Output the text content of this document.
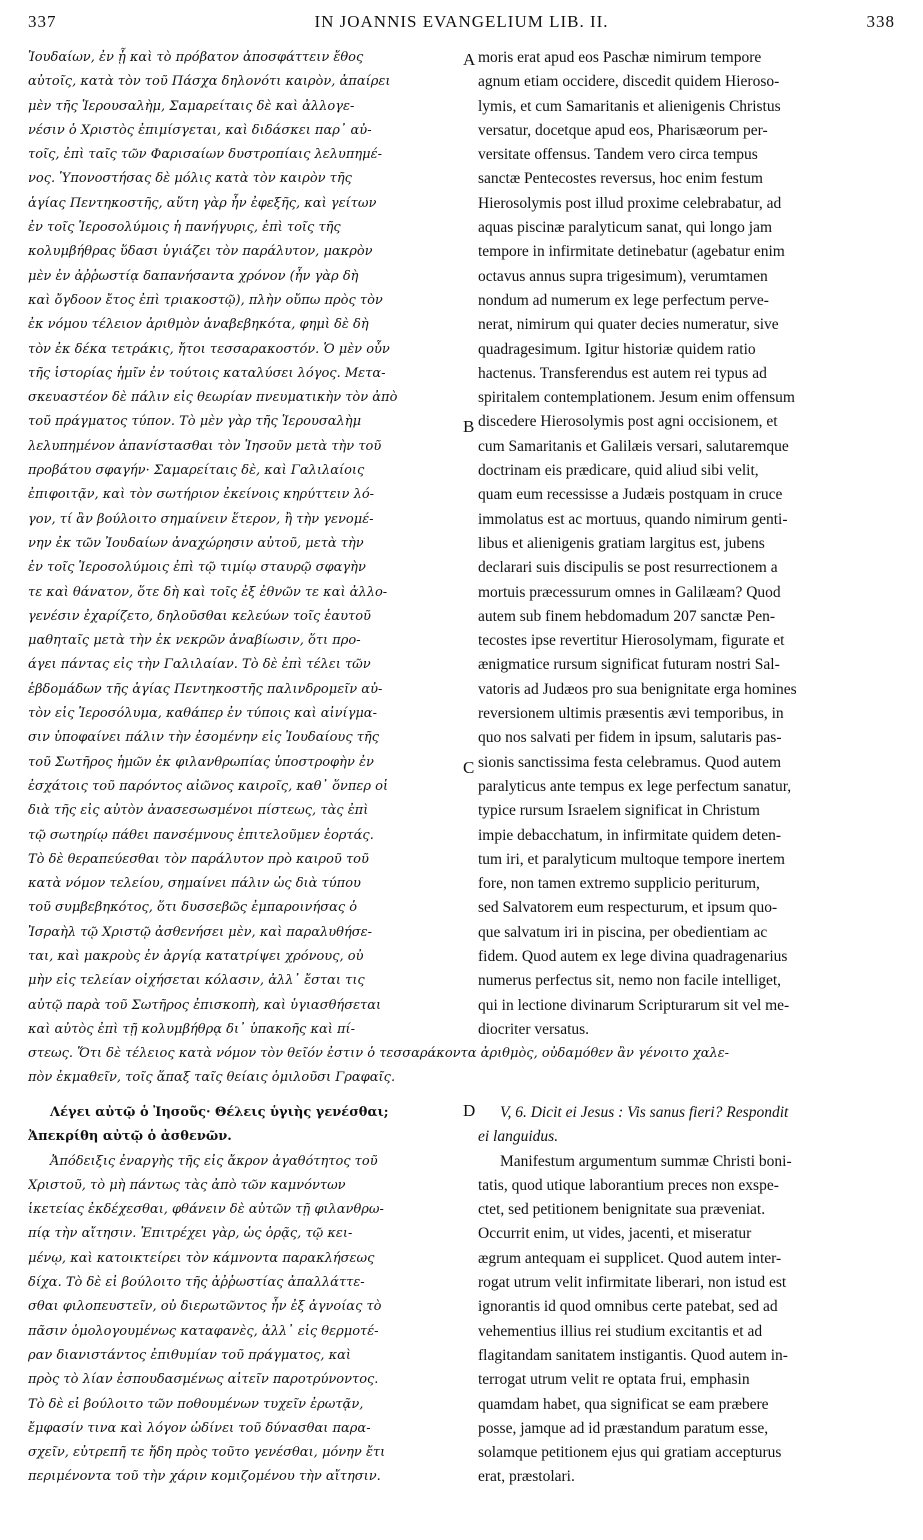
337	IN JOANNIS EVANGELIUM LIB. II.	338
Ἰουδαίων, ἐν ᾗ καὶ τὸ πρόβατον ἀποσφάττειν ἔθος
αὐτοῖς, κατὰ τὸν τοῦ Πάσχα δηλονότι καιρὸν, ἀπαίρει
μὲν τῆς Ἱερουσαλὴμ, Σαμαρείταις δὲ καὶ ἀλλογε-
νέσιν ὁ Χριστὸς ἐπιμίσγεται, καὶ διδάσκει παρ᾽ αὐ-
τοῖς, ἐπὶ ταῖς τῶν Φαρισαίων δυστροπίαις λελυπημέ-
νος. Ὑπονοστήσας δὲ μόλις κατὰ τὸν καιρὸν τῆς
ἁγίας Πεντηκοστῆς, αὕτη γὰρ ἦν ἐφεξῆς, καὶ γείτων
ἐν τοῖς Ἱεροσολύμοις ἡ πανήγυρις, ἐπὶ τοῖς τῆς
κολυμβήθρας ὕδασι ὑγιάζει τὸν παράλυτον, μακρὸν
μὲν ἐν ἀῤῥωστίᾳ δαπανήσαντα χρόνον (ἦν γὰρ δὴ
καὶ ὄγδοον ἔτος ἐπὶ τριακοστῷ), πλὴν οὔπω πρὸς τὸν
ἐκ νόμου τέλειον ἀριθμὸν ἀναβεβηκότα, φημὶ δὲ δὴ
τὸν ἐκ δέκα τετράκις, ἤτοι τεσσαρακοστόν. Ὁ μὲν οὖν
τῆς ἱστορίας ἡμῖν ἐν τούτοις καταλύσει λόγος. Μετα-
σκευαστέον δὲ πάλιν εἰς θεωρίαν πνευματικὴν τὸν ἀπὸ
τοῦ πράγματος τύπον. Τὸ μὲν γὰρ τῆς Ἱερουσαλὴμ
λελυπημένον ἀπανίστασθαι τὸν Ἰησοῦν μετὰ τὴν τοῦ
προβάτου σφαγήν· Σαμαρείταις δὲ, καὶ Γαλιλαίοις
ἐπιφοιτᾷν, καὶ τὸν σωτήριον ἐκείνοις κηρύττειν λό-
γον, τί ἂν βούλοιτο σημαίνειν ἕτερον, ἢ τὴν γενομέ-
νην ἐκ τῶν Ἰουδαίων ἀναχώρησιν αὐτοῦ, μετὰ τὴν
ἐν τοῖς Ἱεροσολύμοις ἐπὶ τῷ τιμίῳ σταυρῷ σφαγὴν
τε καὶ θάνατον, ὅτε δὴ καὶ τοῖς ἐξ ἐθνῶν τε καὶ ἀλλο-
γενέσιν ἐχαρίζετο, δηλοῦσθαι κελεύων τοῖς ἑαυτοῦ
μαθηταῖς μετὰ τὴν ἐκ νεκρῶν ἀναβίωσιν, ὅτι προ-
άγει πάντας εἰς τὴν Γαλιλαίαν. Τὸ δὲ ἐπὶ τέλει τῶν
ἑβδομάδων τῆς ἁγίας Πεντηκοστῆς παλινδρομεῖν αὐ-
τὸν εἰς Ἱεροσόλυμα, καθάπερ ἐν τύποις καὶ αἰνίγμα-
σιν ὑποφαίνει πάλιν τὴν ἐσομένην εἰς Ἰουδαίους τῆς
τοῦ Σωτῆρος ἡμῶν ἐκ φιλανθρωπίας ὑποστροφὴν ἐν
ἐσχάτοις τοῦ παρόντος αἰῶνος καιροῖς, καθ᾽ ὅνπερ οἱ
διὰ τῆς εἰς αὐτὸν ἀνασεσωσμένοι πίστεως, τὰς ἐπὶ
τῷ σωτηρίῳ πάθει πανσέμνους ἐπιτελοῦμεν ἑορτάς.
Τὸ δὲ θεραπεύεσθαι τὸν παράλυτον πρὸ καιροῦ τοῦ
κατὰ νόμον τελείου, σημαίνει πάλιν ὡς διὰ τύπου
τοῦ συμβεβηκότος, ὅτι δυσσεβῶς ἐμπαροινήσας ὁ
Ἰσραὴλ τῷ Χριστῷ ἀσθενήσει μὲν, καὶ παραλυθήσε-
ται, καὶ μακροὺς ἐν ἀργίᾳ κατατρίψει χρόνους, οὐ
μὴν εἰς τελείαν οἰχήσεται κόλασιν, ἀλλ᾽ ἔσται τις
αὐτῷ παρὰ τοῦ Σωτῆρος ἐπισκοπὴ, καὶ ὑγιασθήσεται
καὶ αὐτὸς ἐπὶ τῇ κολυμβήθρᾳ δι᾽ ὑπακοῆς καὶ πί-
moris erat apud eos Paschæ nimirum tempore
agnum etiam occidere, discedit quidem Hieroso-
lymis, et cum Samaritanis et alienigenis Christus
versatur, docetque apud eos, Pharisæorum per-
versitate offensus. Tandem vero circa tempus
sanctæ Pentecostes reversus, hoc enim festum
Hierosolymis post illud proxime celebrabatur, ad
aquas piscinæ paralyticum sanat, qui longo jam
tempore in infirmitate detinebatur (agebatur enim
octavus annus supra trigesimum), verumtamen
nondum ad numerum ex lege perfectum perve-
nerat, nimirum qui quater decies numeratur, sive
quadragesimum. Igitur historiæ quidem ratio
hactenus. Transferendus est autem rei typus ad
spiritalem contemplationem. Jesum enim offensum
discedere Hierosolymis post agni occisionem, et
cum Samaritanis et Galilæis versari, salutaremque
doctrinam eis prædicare, quid aliud sibi velit,
quam eum recessisse a Judæis postquam in cruce
immolatus est ac mortuus, quando nimirum genti-
libus et alienigenis gratiam largitus est, jubens
declarari suis discipulis se post resurrectionem a
mortuis præcessurum omnes in Galilæam? Quod
autem sub finem hebdomadum 207 sanctæ Pen-
tecostes ipse revertitur Hierosolymam, figurate et
ænigmatice rursum significat futuram nostri Sal-
vatoris ad Judæos pro sua benignitate erga homines
reversionem ultimis præsentis ævi temporibus, in
quo nos salvati per fidem in ipsum, salutaris pas-
sionis sanctissima festa celebramus. Quod autem
paralyticus ante tempus ex lege perfectum sanatur,
typice rursum Israelem significat in Christum
impie debacchatum, in infirmitate quidem deten-
tum iri, et paralyticum multoque tempore inertem
fore, non tamen extremo supplicio periturum,
sed Salvatorem eum respecturum, et ipsum quo-
que salvatum iri in piscina, per obedientiam ac
fidem. Quod autem ex lege divina quadragenarius
numerus perfectus sit, nemo non facile intelliget,
qui in lectione divinarum Scripturarum sit vel me-
diocriter versatus.
A
B
C
D
στεως. Ὅτι δὲ τέλειος κατὰ νόμον τὸν θεῖόν ἐστιν ὁ τεσσαράκοντα ἀριθμὸς, οὐδαμόθεν ἂν γένοιτο χαλε-
πὸν ἐκμαθεῖν, τοῖς ἅπαξ ταῖς θείαις ὁμιλοῦσι Γραφαῖς.
Λέγει αὐτῷ ὁ Ἰησοῦς· Θέλεις ὑγιὴς γενέσθαι;
Ἀπεκρίθη αὐτῷ ὁ ἀσθενῶν.
Ἀπόδειξις ἐναργὴς τῆς εἰς ἄκρον ἀγαθότητος τοῦ
Χριστοῦ, τὸ μὴ πάντως τὰς ἀπὸ τῶν καμνόντων
ἱκετείας ἐκδέχεσθαι, φθάνειν δὲ αὐτῶν τῇ φιλανθρω-
πίᾳ τὴν αἴτησιν. Ἐπιτρέχει γὰρ, ὡς ὁρᾷς, τῷ κει-
μένῳ, καὶ κατοικτείρει τὸν κάμνοντα παρακλήσεως
δίχα. Τὸ δὲ εἰ βούλοιτο τῆς ἀῤῥωστίας ἀπαλλάττε-
σθαι φιλοπευστεῖν, οὐ διερωτῶντος ἦν ἐξ ἀγνοίας τὸ
πᾶσιν ὁμολογουμένως καταφανὲς, ἀλλ᾽ εἰς θερμοτέ-
ραν διανιστάντος ἐπιθυμίαν τοῦ πράγματος, καὶ
πρὸς τὸ λίαν ἐσπουδασμένως αἰτεῖν παροτρύνοντος.
Τὸ δὲ εἰ βούλοιτο τῶν ποθουμένων τυχεῖν ἐρωτᾷν,
ἔμφασίν τινα καὶ λόγον ὠδίνει τοῦ δύνασθαι παρα-
σχεῖν, εὐτρεπῆ τε ἤδη πρὸς τοῦτο γενέσθαι, μόνην ἔτι
περιμένοντα τοῦ τὴν χάριν κομιζομένου τὴν αἴτησιν.
V, 6. Dicit ei Jesus : Vis sanus fieri? Respondit
ei languidus.
Manifestum argumentum summæ Christi boni-
tatis, quod utique laborantium preces non exspe-
ctet, sed petitionem benignitate sua præveniat.
Occurrit enim, ut vides, jacenti, et miseratur
ægrum antequam ei supplicet. Quod autem inter-
rogat utrum velit infirmitate liberari, non istud est
ignorantis id quod omnibus certe patebat, sed ad
vehementius illius rei studium excitantis et ad
flagitandam sanitatem instigantis. Quod autem in-
terrogat utrum velit re optata frui, emphasin
quamdam habet, qua significat se eam præbere
posse, jamque ad id præstandum paratum esse,
solamque petitionem ejus qui gratiam accepturus
erat, præstolari.
